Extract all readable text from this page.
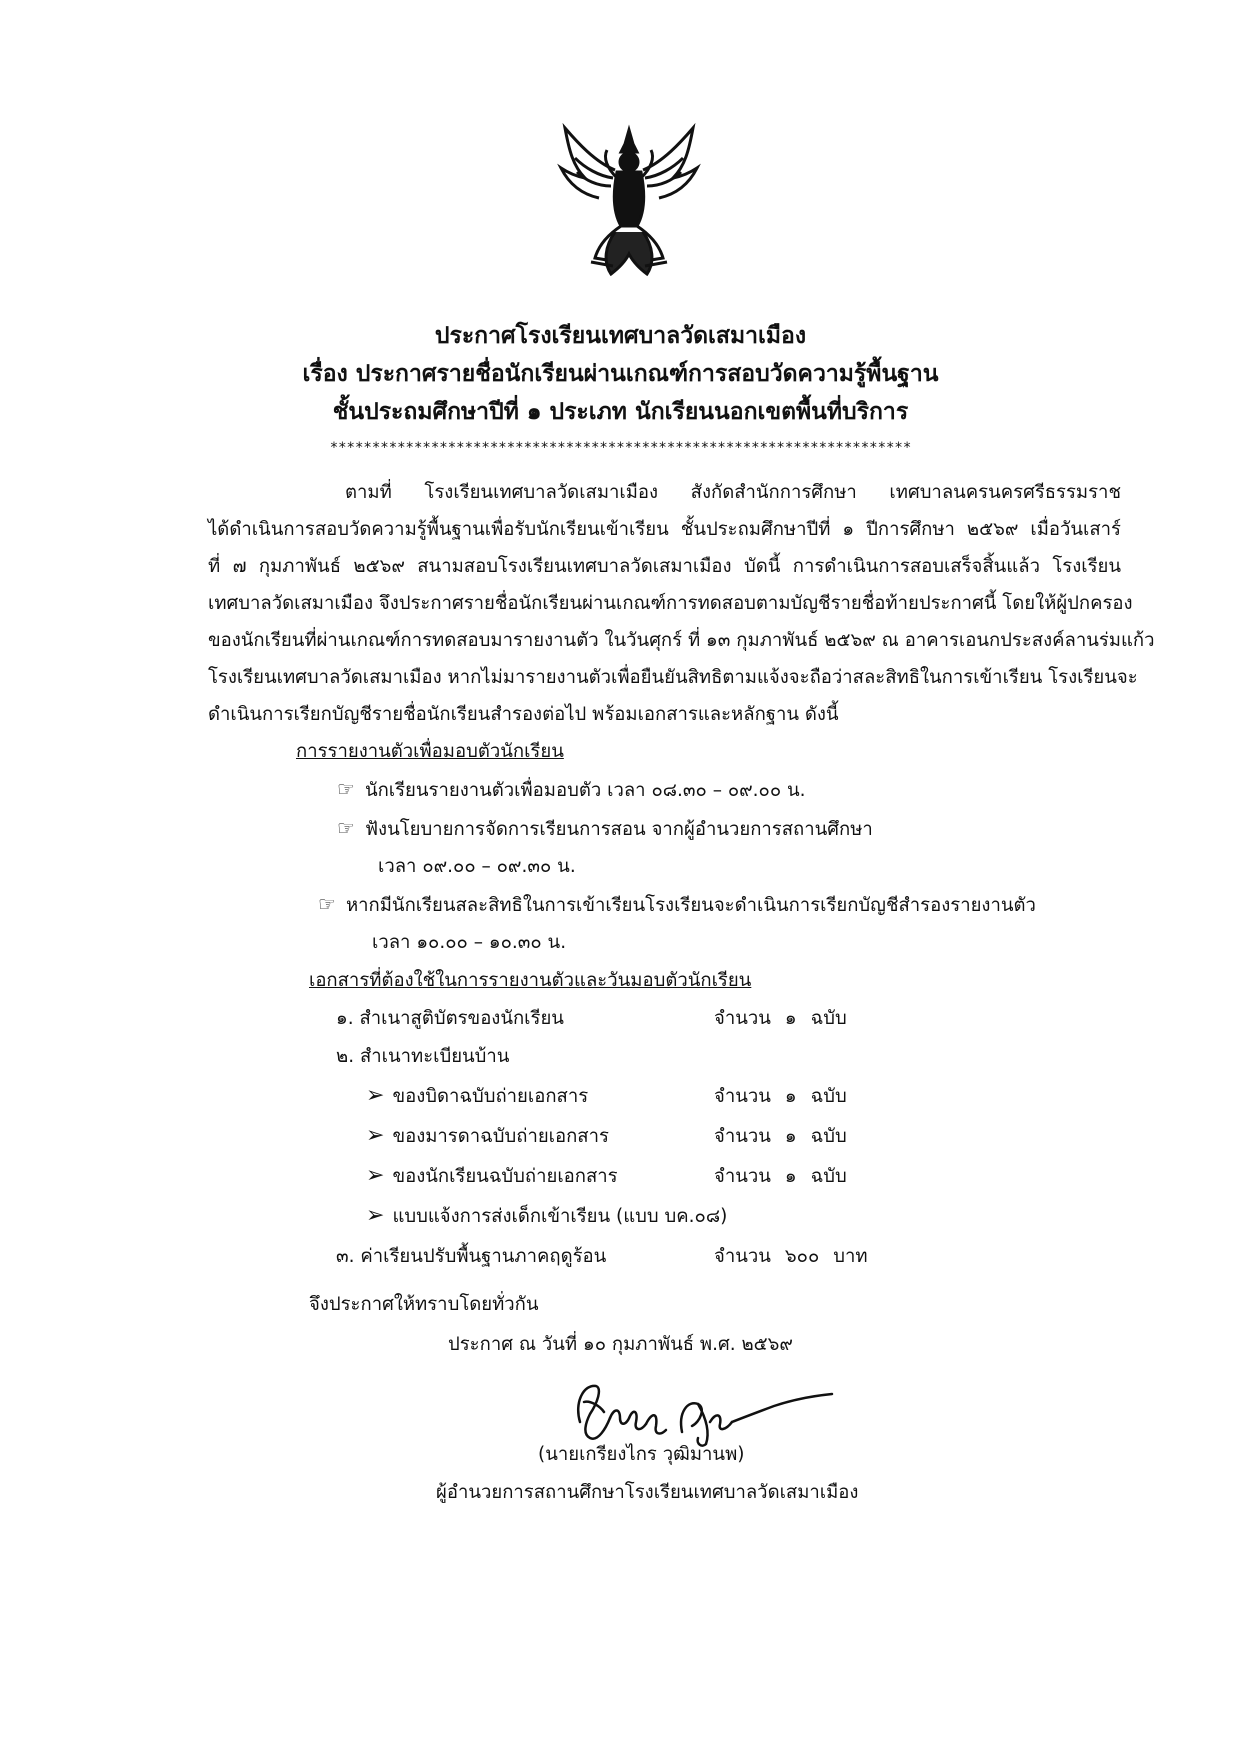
ประกาศโรงเรียนเทศบาลวัดเสมาเมือง
เรื่อง ประกาศรายชื่อนักเรียนผ่านเกณฑ์การสอบวัดความรู้พื้นฐาน
ชั้นประถมศึกษาปีที่ ๑ ประเภท นักเรียนนอกเขตพื้นที่บริการ
*********************************************************************
ตามที่ โรงเรียนเทศบาลวัดเสมาเมือง สังกัดสำนักการศึกษา เทศบาลนครนครศรีธรรมราช
ได้ดำเนินการสอบวัดความรู้พื้นฐานเพื่อรับนักเรียนเข้าเรียน ชั้นประถมศึกษาปีที่ ๑ ปีการศึกษา ๒๕๖๙ เมื่อวันเสาร์
ที่ ๗ กุมภาพันธ์ ๒๕๖๙ สนามสอบโรงเรียนเทศบาลวัดเสมาเมือง บัดนี้ การดำเนินการสอบเสร็จสิ้นแล้ว โรงเรียน
เทศบาลวัดเสมาเมือง จึงประกาศรายชื่อนักเรียนผ่านเกณฑ์การทดสอบตามบัญชีรายชื่อท้ายประกาศนี้ โดยให้ผู้ปกครอง
ของนักเรียนที่ผ่านเกณฑ์การทดสอบมารายงานตัว ในวันศุกร์ ที่ ๑๓ กุมภาพันธ์ ๒๕๖๙ ณ อาคารเอนกประสงค์ลานร่มแก้ว
โรงเรียนเทศบาลวัดเสมาเมือง หากไม่มารายงานตัวเพื่อยืนยันสิทธิตามแจ้งจะถือว่าสละสิทธิในการเข้าเรียน โรงเรียนจะ
ดำเนินการเรียกบัญชีรายชื่อนักเรียนสำรองต่อไป พร้อมเอกสารและหลักฐาน ดังนี้
การรายงานตัวเพื่อมอบตัวนักเรียน
☞ นักเรียนรายงานตัวเพื่อมอบตัว เวลา ๐๘.๓๐ – ๐๙.๐๐ น.
☞ ฟังนโยบายการจัดการเรียนการสอน จากผู้อำนวยการสถานศึกษา
เวลา ๐๙.๐๐ – ๐๙.๓๐ น.
☞ หากมีนักเรียนสละสิทธิในการเข้าเรียนโรงเรียนจะดำเนินการเรียกบัญชีสำรองรายงานตัว
เวลา ๑๐.๐๐ – ๑๐.๓๐ น.
เอกสารที่ต้องใช้ในการรายงานตัวและวันมอบตัวนักเรียน
๑. สำเนาสูติบัตรของนักเรียน	จำนวน ๑ ฉบับ
๒. สำเนาทะเบียนบ้าน
➢ ของบิดาฉบับถ่ายเอกสาร	จำนวน ๑ ฉบับ
➢ ของมารดาฉบับถ่ายเอกสาร	จำนวน ๑ ฉบับ
➢ ของนักเรียนฉบับถ่ายเอกสาร	จำนวน ๑ ฉบับ
➢ แบบแจ้งการส่งเด็กเข้าเรียน (แบบ บค.๐๘)
๓. ค่าเรียนปรับพื้นฐานภาคฤดูร้อน	จำนวน ๖๐๐ บาท
จึงประกาศให้ทราบโดยทั่วกัน
ประกาศ ณ วันที่ ๑๐ กุมภาพันธ์ พ.ศ. ๒๕๖๙
(นายเกรียงไกร วุฒิมานพ)
ผู้อำนวยการสถานศึกษาโรงเรียนเทศบาลวัดเสมาเมือง
